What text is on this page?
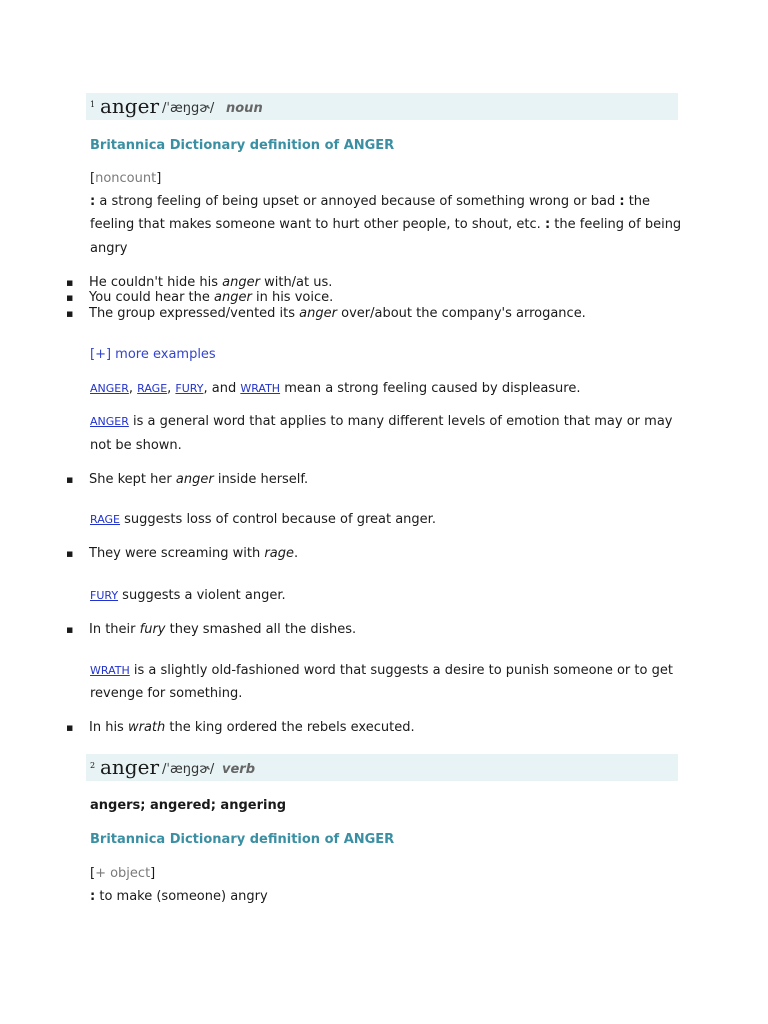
1 anger /ˈæŋgɚ/ noun
Britannica Dictionary definition of ANGER
[noncount]
: a strong feeling of being upset or annoyed because of something wrong or bad : the
feeling that makes someone want to hurt other people, to shout, etc. : the feeling of being
angry
▪ He couldn't hide his anger with/at us.
▪ You could hear the anger in his voice.
▪ The group expressed/vented its anger over/about the company's arrogance.
[+] more examples
ANGER, RAGE, FURY, and WRATH mean a strong feeling caused by displeasure.
ANGER is a general word that applies to many different levels of emotion that may or may
not be shown.
▪ She kept her anger inside herself.
RAGE suggests loss of control because of great anger.
▪ They were screaming with rage.
FURY suggests a violent anger.
▪ In their fury they smashed all the dishes.
WRATH is a slightly old-fashioned word that suggests a desire to punish someone or to get
revenge for something.
▪ In his wrath the king ordered the rebels executed.
2 anger /ˈæŋgɚ/ verb
angers; angered; angering
Britannica Dictionary definition of ANGER
[+ object]
: to make (someone) angry
